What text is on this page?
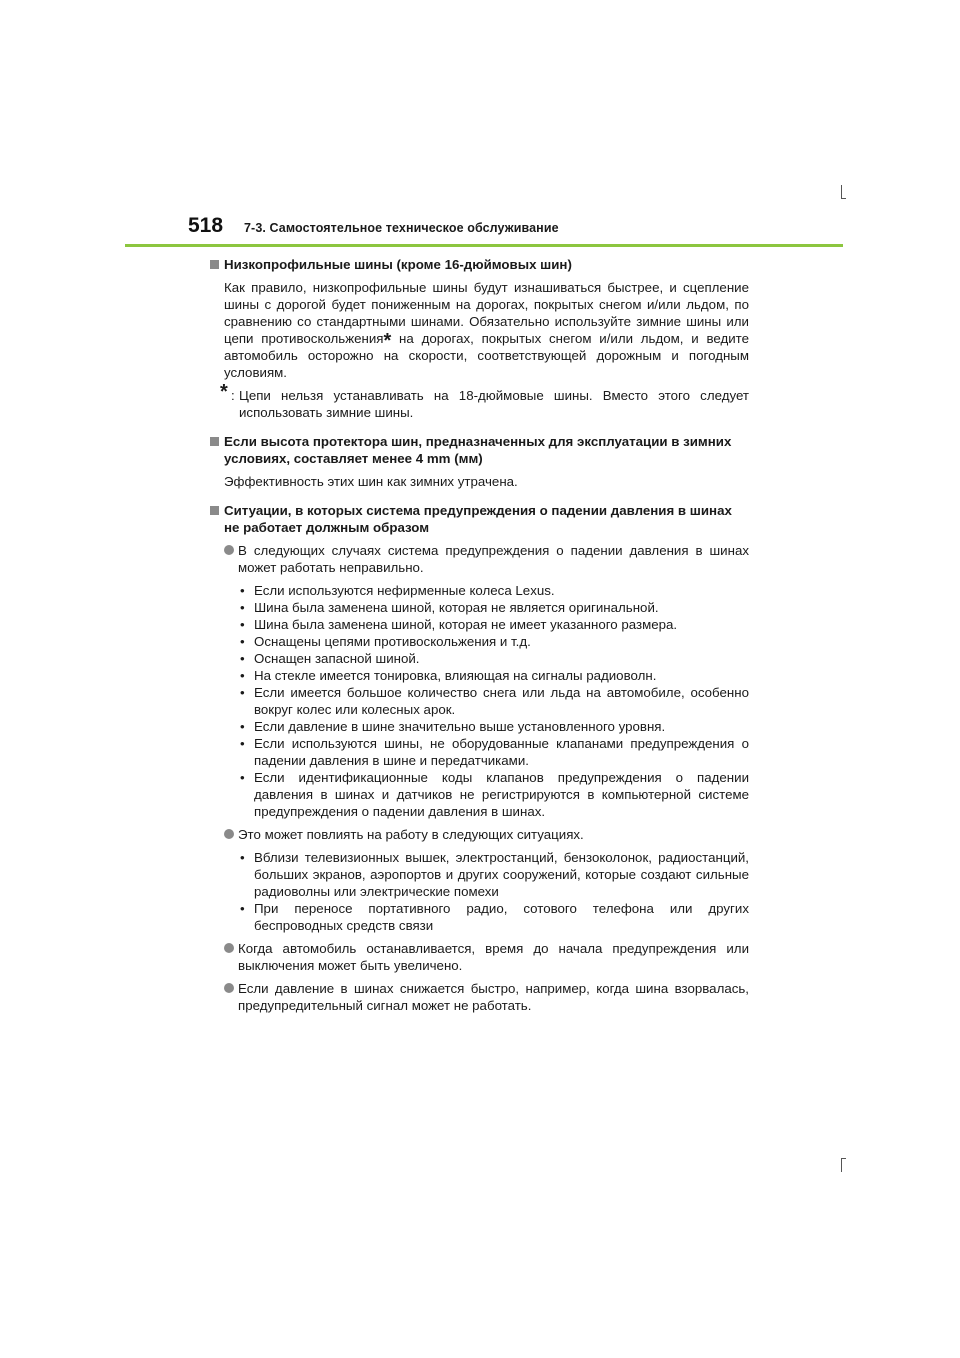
518 7-3. Самостоятельное техническое обслуживание
Низкопрофильные шины (кроме 16-дюймовых шин)
Как правило, низкопрофильные шины будут изнашиваться быстрее, и сцепление шины с дорогой будет пониженным на дорогах, покрытых снегом и/или льдом, по сравнению со стандартными шинами. Обязательно используйте зимние шины или цепи противоскольжения* на дорогах, покрытых снегом и/или льдом, и ведите автомобиль осторожно на скорости, соответствующей дорожным и погодным условиям.
* : Цепи нельзя устанавливать на 18-дюймовые шины. Вместо этого следует использовать зимние шины.
Если высота протектора шин, предназначенных для эксплуатации в зимних условиях, составляет менее 4 mm (мм)
Эффективность этих шин как зимних утрачена.
Ситуации, в которых система предупреждения о падении давления в шинах не работает должным образом
В следующих случаях система предупреждения о падении давления в шинах может работать неправильно.
• Если используются нефирменные колеса Lexus.
• Шина была заменена шиной, которая не является оригинальной.
• Шина была заменена шиной, которая не имеет указанного размера.
• Оснащены цепями противоскольжения и т.д.
• Оснащен запасной шиной.
• На стекле имеется тонировка, влияющая на сигналы радиоволн.
• Если имеется большое количество снега или льда на автомобиле, особенно вокруг колес или колесных арок.
• Если давление в шине значительно выше установленного уровня.
• Если используются шины, не оборудованные клапанами предупреждения о падении давления в шине и передатчиками.
• Если идентификационные коды клапанов предупреждения о падении давления в шинах и датчиков не регистрируются в компьютерной системе предупреждения о падении давления в шинах.
Это может повлиять на работу в следующих ситуациях.
• Вблизи телевизионных вышек, электростанций, бензоколонок, радиостанций, больших экранов, аэропортов и других сооружений, которые создают сильные радиоволны или электрические помехи
• При переносе портативного радио, сотового телефона или других беспроводных средств связи
Когда автомобиль останавливается, время до начала предупреждения или выключения может быть увеличено.
Если давление в шинах снижается быстро, например, когда шина взорвалась, предупредительный сигнал может не работать.
